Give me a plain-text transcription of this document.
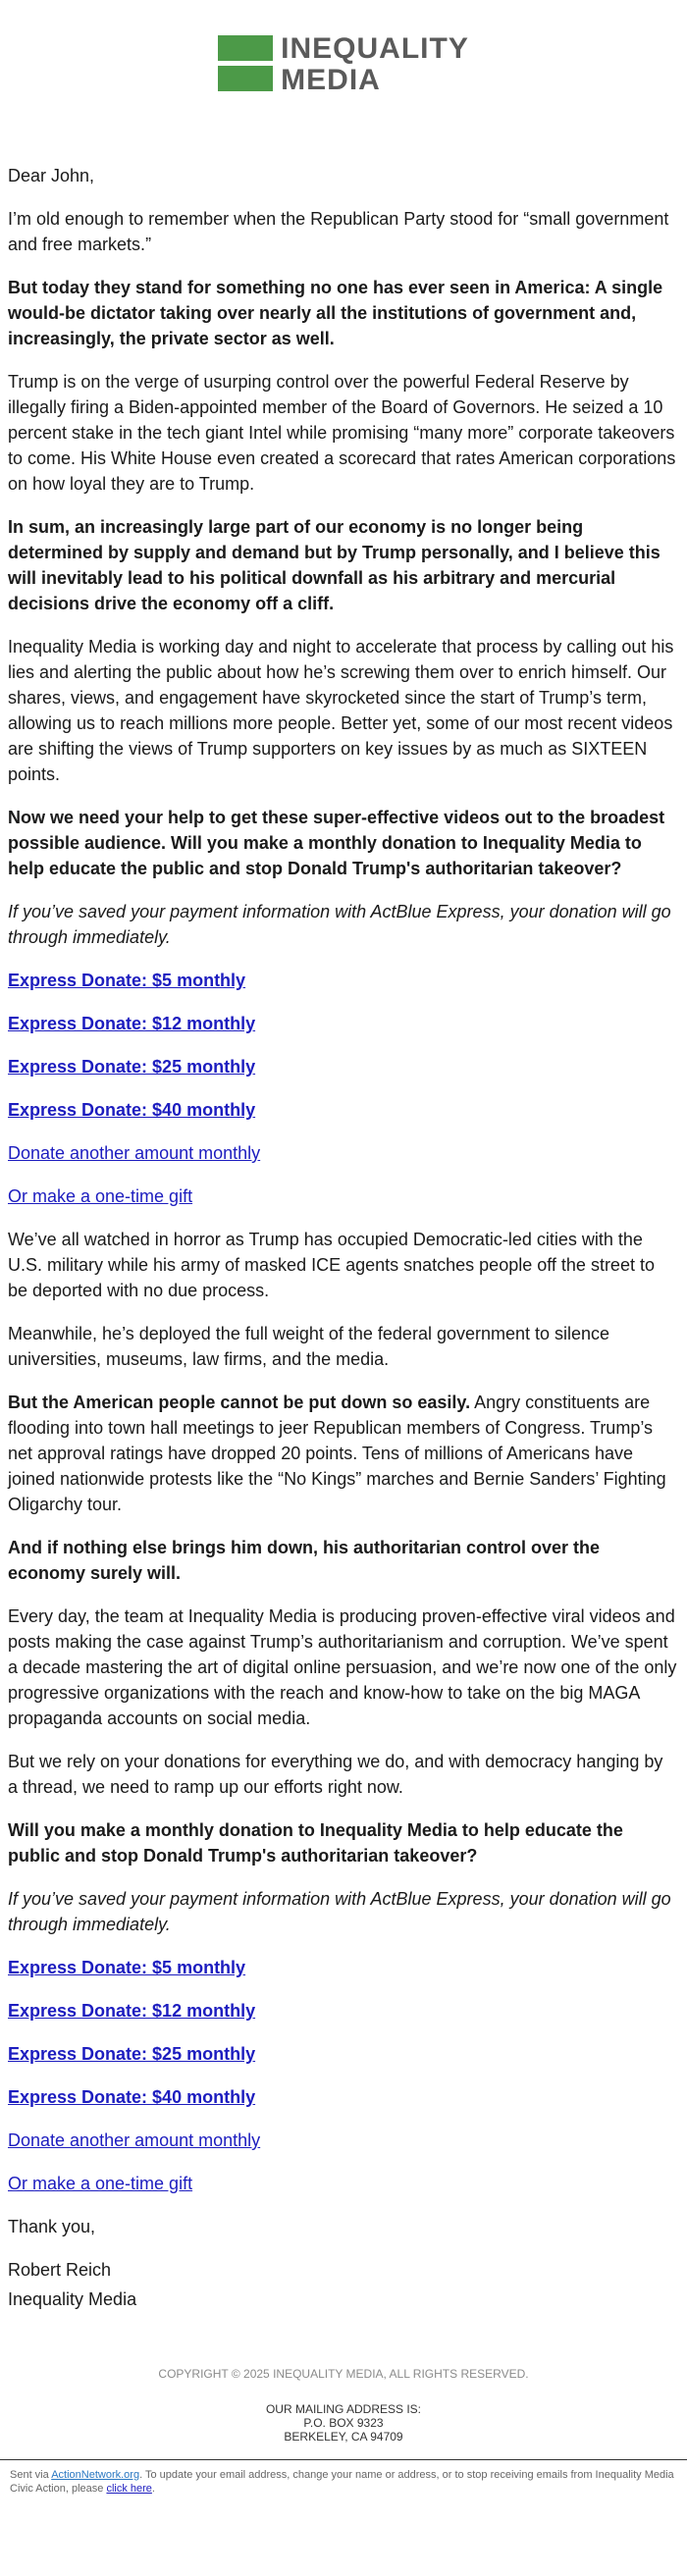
INEQUALITY
MEDIA

Dear John,

I’m old enough to remember when the Republican Party stood for “small government and free markets.”

But today they stand for something no one has ever seen in America: A single would-be dictator taking over nearly all the institutions of government and, increasingly, the private sector as well.

Trump is on the verge of usurping control over the powerful Federal Reserve by illegally firing a Biden-appointed member of the Board of Governors. He seized a 10 percent stake in the tech giant Intel while promising “many more” corporate takeovers to come. His White House even created a scorecard that rates American corporations on how loyal they are to Trump.

In sum, an increasingly large part of our economy is no longer being determined by supply and demand but by Trump personally, and I believe this will inevitably lead to his political downfall as his arbitrary and mercurial decisions drive the economy off a cliff.

Inequality Media is working day and night to accelerate that process by calling out his lies and alerting the public about how he’s screwing them over to enrich himself. Our shares, views, and engagement have skyrocketed since the start of Trump’s term, allowing us to reach millions more people. Better yet, some of our most recent videos are shifting the views of Trump supporters on key issues by as much as SIXTEEN points.

Now we need your help to get these super-effective videos out to the broadest possible audience. Will you make a monthly donation to Inequality Media to help educate the public and stop Donald Trump's authoritarian takeover?

If you’ve saved your payment information with ActBlue Express, your donation will go through immediately.

Express Donate: $5 monthly

Express Donate: $12 monthly

Express Donate: $25 monthly

Express Donate: $40 monthly

Donate another amount monthly

Or make a one-time gift

We’ve all watched in horror as Trump has occupied Democratic-led cities with the U.S. military while his army of masked ICE agents snatches people off the street to be deported with no due process.

Meanwhile, he’s deployed the full weight of the federal government to silence universities, museums, law firms, and the media.

But the American people cannot be put down so easily. Angry constituents are flooding into town hall meetings to jeer Republican members of Congress. Trump’s net approval ratings have dropped 20 points. Tens of millions of Americans have joined nationwide protests like the “No Kings” marches and Bernie Sanders’ Fighting Oligarchy tour.

And if nothing else brings him down, his authoritarian control over the economy surely will.

Every day, the team at Inequality Media is producing proven-effective viral videos and posts making the case against Trump’s authoritarianism and corruption. We’ve spent a decade mastering the art of digital online persuasion, and we’re now one of the only progressive organizations with the reach and know-how to take on the big MAGA propaganda accounts on social media.

But we rely on your donations for everything we do, and with democracy hanging by a thread, we need to ramp up our efforts right now.

Will you make a monthly donation to Inequality Media to help educate the public and stop Donald Trump's authoritarian takeover?

If you’ve saved your payment information with ActBlue Express, your donation will go through immediately.

Express Donate: $5 monthly

Express Donate: $12 monthly

Express Donate: $25 monthly

Express Donate: $40 monthly

Donate another amount monthly

Or make a one-time gift

Thank you,

Robert Reich

Inequality Media

COPYRIGHT © 2025 INEQUALITY MEDIA, ALL RIGHTS RESERVED.
OUR MAILING ADDRESS IS:
P.O. BOX 9323
BERKELEY, CA 94709
Sent via ActionNetwork.org. To update your email address, change your name or address, or to stop receiving emails from Inequality Media Civic Action, please click here.
